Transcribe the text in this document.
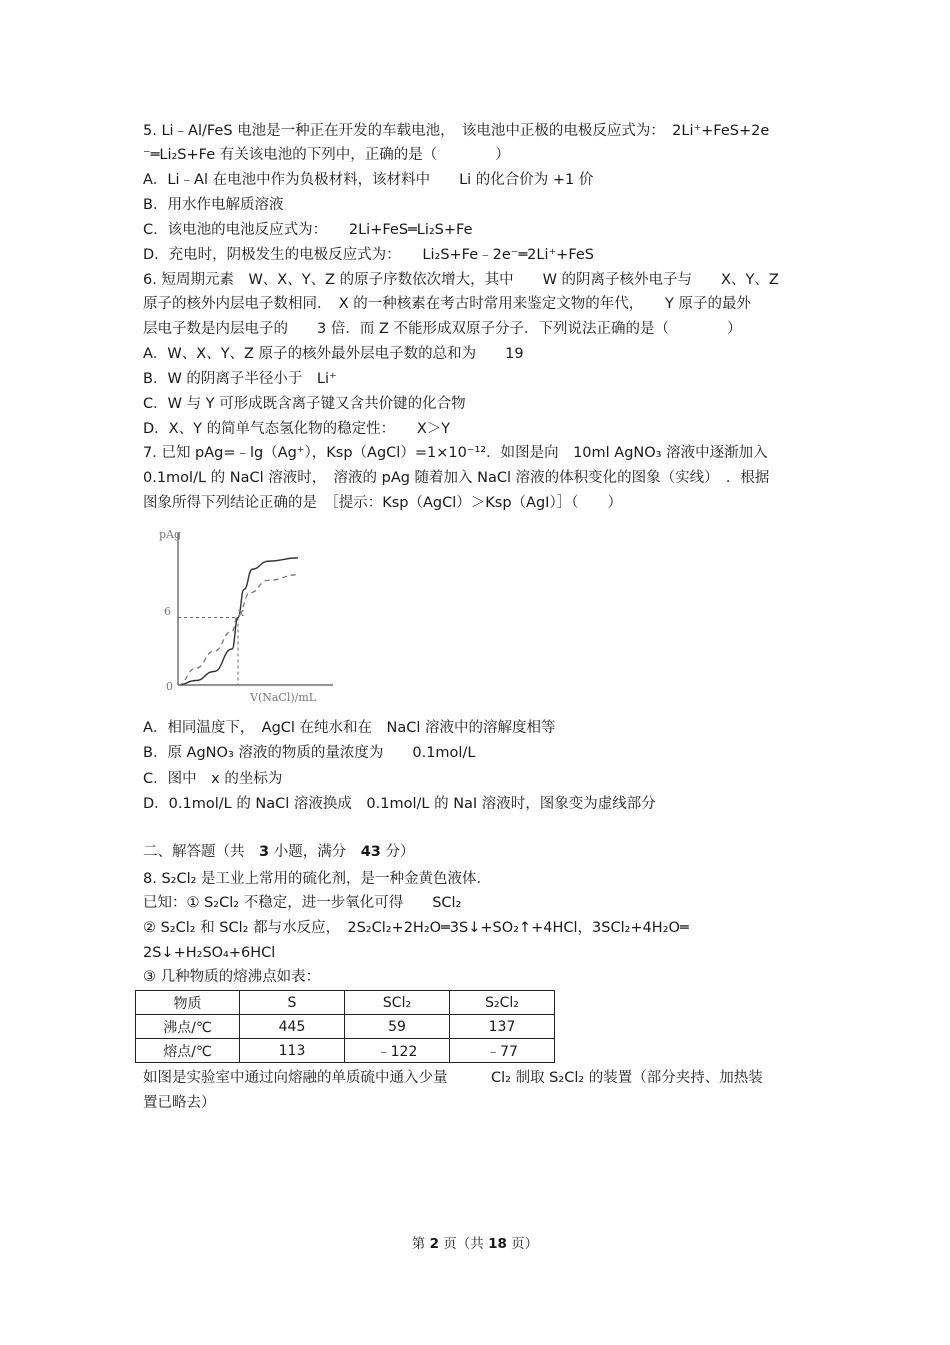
5. Li﹣Al/FeS 电池是一种正在开发的车载电池，　该电池中正极的电极反应式为：　2Li⁺+FeS+2e
⁻═Li₂S+Fe 有关该电池的下列中，正确的是（　　　　）
A．Li﹣Al 在电池中作为负极材料，该材料中　　Li 的化合价为 +1 价
B．用水作电解质溶液
C．该电池的电池反应式为：　　2Li+FeS═Li₂S+Fe
D．充电时，阴极发生的电极反应式为：　　Li₂S+Fe﹣2e⁻═2Li⁺+FeS
6. 短周期元素　W、X、Y、Z 的原子序数依次增大，其中　　W 的阴离子核外电子与　　X、Y、Z
原子的核外内层电子数相同．　X 的一种核素在考古时常用来鉴定文物的年代，　　Y 原子的最外
层电子数是内层电子的　　3 倍．而 Z 不能形成双原子分子．下列说法正确的是（　　　　）
A．W、X、Y、Z 原子的核外最外层电子数的总和为　　19
B．W 的阴离子半径小于　Li⁺
C．W 与 Y 可形成既含离子键又含共价键的化合物
D．X、Y 的简单气态氢化物的稳定性：　　X＞Y
7. 已知 pAg=﹣lg（Ag⁺），Ksp（AgCl）=1×10⁻¹²．如图是向　10ml AgNO₃ 溶液中逐渐加入
0.1mol/L 的 NaCl 溶液时，　溶液的 pAg 随着加入 NaCl 溶液的体积变化的图象（实线）　．根据
图象所得下列结论正确的是　［提示：Ksp（AgCl）＞Ksp（AgI）］（　　）
pAg
V(NaCl)/mL
6
0
x
A．相同温度下，　AgCl 在纯水和在　NaCl 溶液中的溶解度相等
B．原 AgNO₃ 溶液的物质的量浓度为　　0.1mol/L
C．图中　x 的坐标为
D．0.1mol/L 的 NaCl 溶液换成　0.1mol/L 的 NaI 溶液时，图象变为虚线部分
二、解答题（共　3 小题，满分　43 分）
8. S₂Cl₂ 是工业上常用的硫化剂，是一种金黄色液体．
已知：① S₂Cl₂ 不稳定，进一步氧化可得　　SCl₂
② S₂Cl₂ 和 SCl₂ 都与水反应，　2S₂Cl₂+2H₂O═3S↓+SO₂↑+4HCl，3SCl₂+4H₂O═
2S↓+H₂SO₄+6HCl
③ 几种物质的熔沸点如表：
物质	S	SCl₂	S₂Cl₂
沸点/℃	445	59	137
熔点/℃	113	﹣122	﹣77
如图是实验室中通过向熔融的单质硫中通入少量　　　Cl₂ 制取 S₂Cl₂ 的装置（部分夹持、加热装
置已略去）
第 2 页（共 18 页）
